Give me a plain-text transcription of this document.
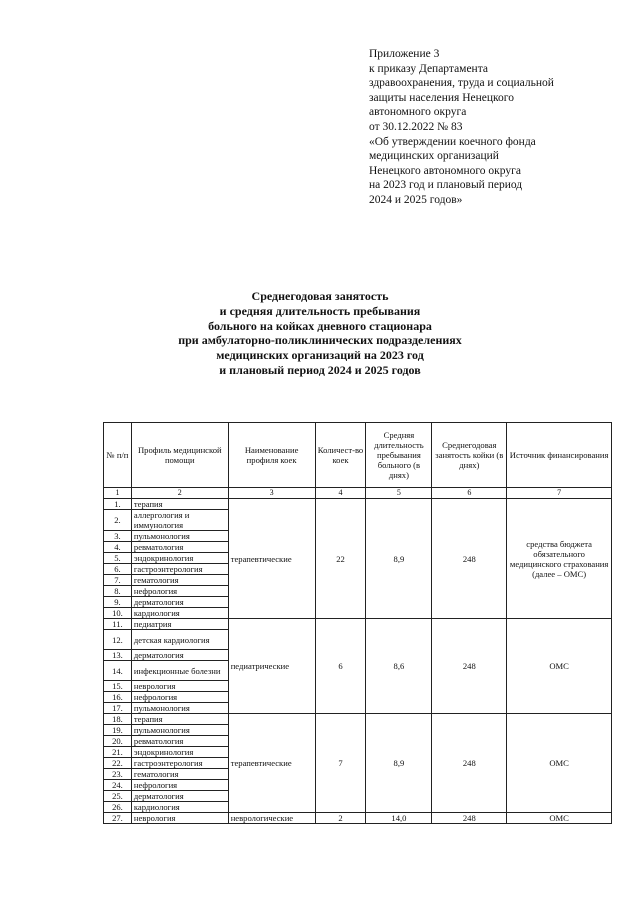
Приложение 3
к приказу Департамента
здравоохранения, труда и социальной
защиты населения Ненецкого
автономного округа
от 30.12.2022 № 83
«Об утверждении коечного фонда
медицинских организаций
Ненецкого автономного округа
на 2023 год и плановый период
2024 и 2025 годов»
Среднегодовая занятость
и средняя длительность пребывания
больного на койках дневного стационара
при амбулаторно-поликлинических подразделениях
медицинских организаций на 2023 год
и плановый период 2024 и 2025 годов
№ п/п	Профиль медицинской помощи	Наименование профиля коек	Количест-во коек	Средняя длительность пребывания больного (в днях)	Среднегодовая занятость койки (в днях)	Источник финансирования
1	2	3	4	5	6	7
1.	терапия	терапевтические	22	8,9	248	средства бюджета обязательного медицинского страхования (далее – ОМС)
2.	аллергология и иммунология					
3.	пульмонология					
4.	ревматология					
5.	эндокринология					
6.	гастроэнтерология					
7.	гематология					
8.	нефрология					
9.	дерматология					
10.	кардиология					
11.	педиатрия	педиатрические	6	8,6	248	ОМС
12.	детская кардиология					
13.	дерматология					
14.	инфекционные болезни					
15.	неврология					
16.	нефрология					
17.	пульмонология					
18.	терапия	терапевтические	7	8,9	248	ОМС
19.	пульмонология					
20.	ревматология					
21.	эндокринология					
22.	гастроэнтерология					
23.	гематология					
24.	нефрология					
25.	дерматология					
26.	кардиология					
27.	неврология	неврологические	2	14,0	248	ОМС
